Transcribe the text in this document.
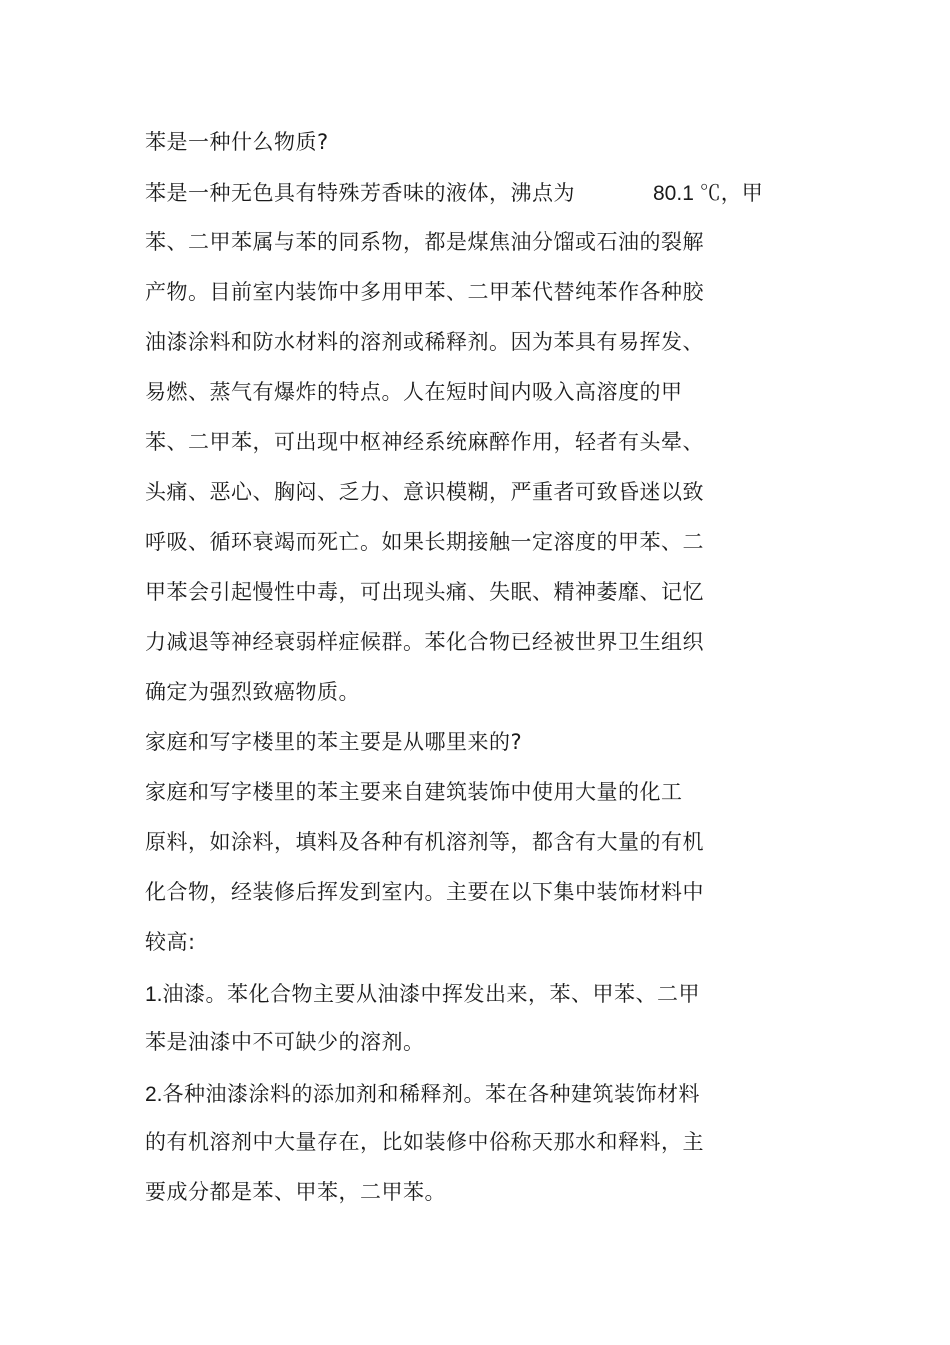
苯是一种什么物质?
苯是一种无色具有特殊芳香味的液体，沸点为	80.1 ℃，甲
苯、二甲苯属与苯的同系物，都是煤焦油分馏或石油的裂解
产物。目前室内装饰中多用甲苯、二甲苯代替纯苯作各种胶
油漆涂料和防水材料的溶剂或稀释剂。因为苯具有易挥发、
易燃、蒸气有爆炸的特点。人在短时间内吸入高溶度的甲
苯、二甲苯，可出现中枢神经系统麻醉作用，轻者有头晕、
头痛、恶心、胸闷、乏力、意识模糊，严重者可致昏迷以致
呼吸、循环衰竭而死亡。如果长期接触一定溶度的甲苯、二
甲苯会引起慢性中毒，可出现头痛、失眠、精神萎靡、记忆
力减退等神经衰弱样症候群。苯化合物已经被世界卫生组织
确定为强烈致癌物质。
家庭和写字楼里的苯主要是从哪里来的?
家庭和写字楼里的苯主要来自建筑装饰中使用大量的化工
原料，如涂料，填料及各种有机溶剂等，都含有大量的有机
化合物，经装修后挥发到室内。主要在以下集中装饰材料中
较高:
1.油漆。苯化合物主要从油漆中挥发出来，苯、甲苯、二甲
苯是油漆中不可缺少的溶剂。
2.各种油漆涂料的添加剂和稀释剂。苯在各种建筑装饰材料
的有机溶剂中大量存在，比如装修中俗称天那水和释料，主
要成分都是苯、甲苯，二甲苯。
